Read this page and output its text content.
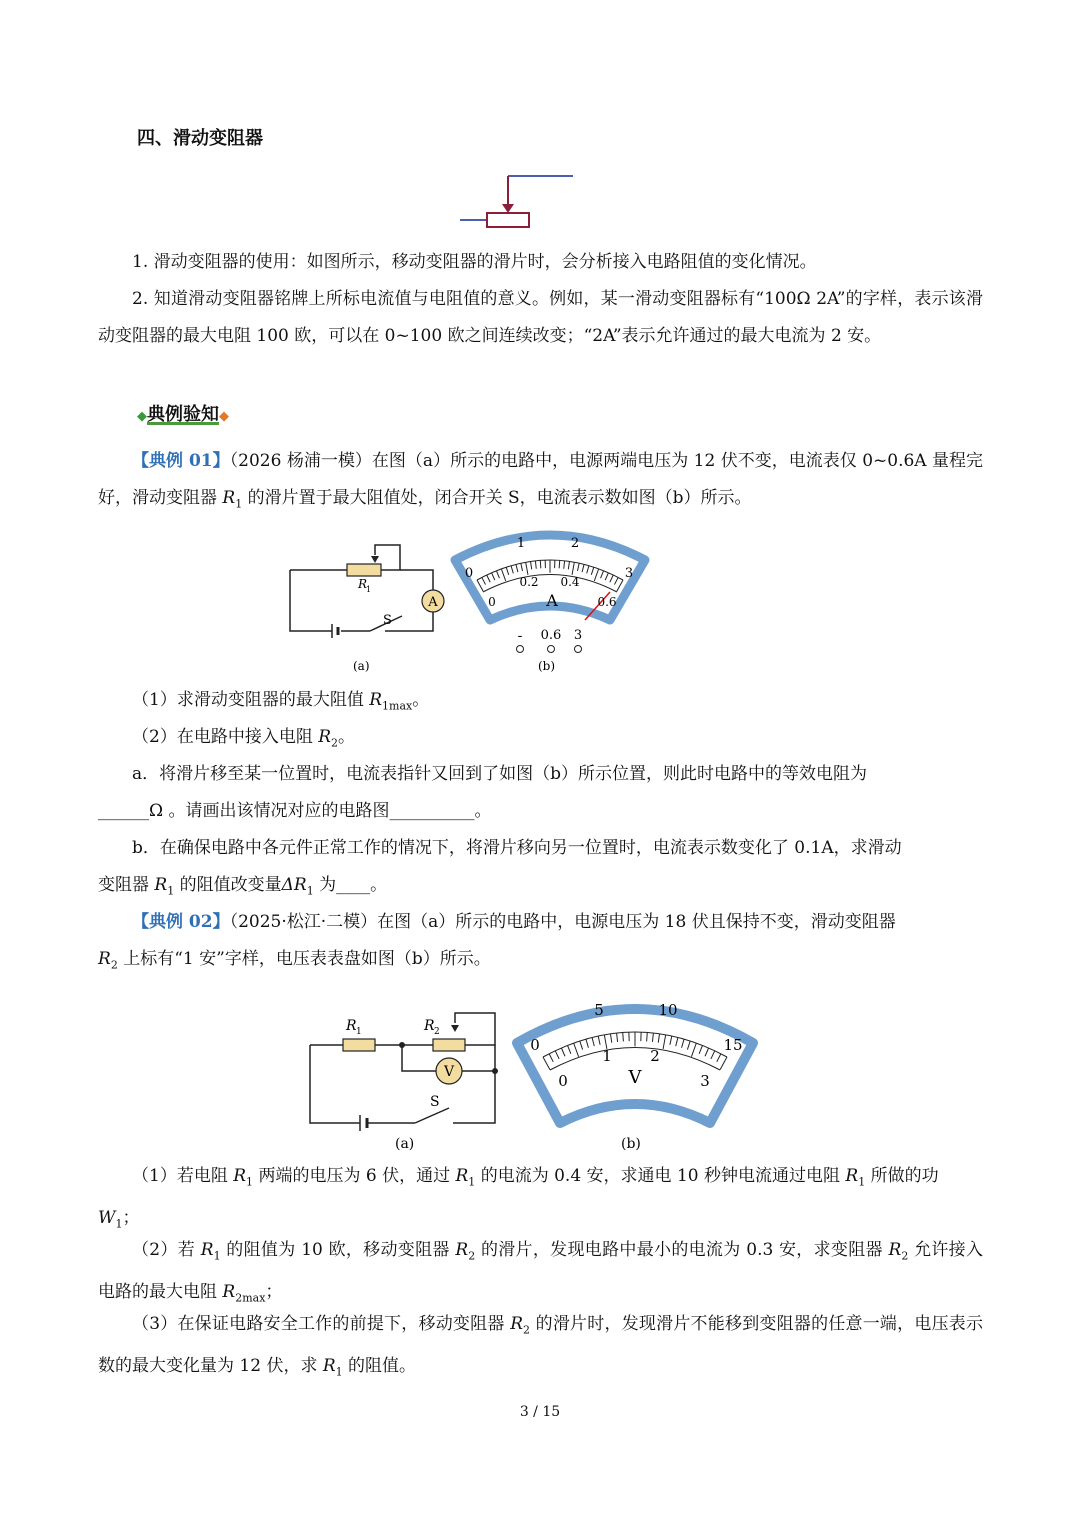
四、滑动变阻器
1. 滑动变阻器的使用：如图所示，移动变阻器的滑片时，会分析接入电路阻值的变化情况。
2. 知道滑动变阻器铭牌上所标电流值与电阻值的意义。例如，某一滑动变阻器标有“100Ω 2A”的字样，表示该滑动变阻器的最大电阻 100 欧，可以在 0~100 欧之间连续改变；“2A”表示允许通过的最大电流为 2 安。
◆典例验知◆
【典例 01】（2026 杨浦一模）在图（a）所示的电路中，电源两端电压为 12 伏不变，电流表仅 0~0.6A 量程完好，滑动变阻器 $R_1$ 的滑片置于最大阻值处，闭合开关 S，电流表示数如图（b）所示。
A
R
1
S
(a)
1	2
0	3
0
0.2 0.4
0.6
A
- 0.6 3
(b)
（1）求滑动变阻器的最大阻值 $R_{1max}$。
（2）在电路中接入电阻 $R_2$。
a．将滑片移至某一位置时，电流表指针又回到了如图（b）所示位置，则此时电路中的等效电阻为
______Ω 。请画出该情况对应的电路图__________。
b．在确保电路中各元件正常工作的情况下，将滑片移向另一位置时，电流表示数变化了 0.1A，求滑动
变阻器 $R_1$ 的阻值改变量$\Delta R_1$ 为____。
【典例 02】（2025·松江·二模）在图（a）所示的电路中，电源电压为 18 伏且保持不变，滑动变阻器
$R_2$ 上标有“1 安”字样，电压表表盘如图（b）所示。
V
R 1	R 2
S
(a)
5	10
0	15
0
1	2
3
V
(b)
（1）若电阻 $R_1$ 两端的电压为 6 伏，通过 $R_1$ 的电流为 0.4 安，求通电 10 秒钟电流通过电阻 $R_1$ 所做的功
$W_1$；
（2）若 $R_1$ 的阻值为 10 欧，移动变阻器 $R_2$ 的滑片，发现电路中最小的电流为 0.3 安，求变阻器 $R_2$ 允许接入电路的最大电阻 $R_{2max}$；
（3）在保证电路安全工作的前提下，移动变阻器 $R_2$ 的滑片时，发现滑片不能移到变阻器的任意一端，电压表示数的最大变化量为 12 伏，求 $R_1$ 的阻值。
3 / 15
